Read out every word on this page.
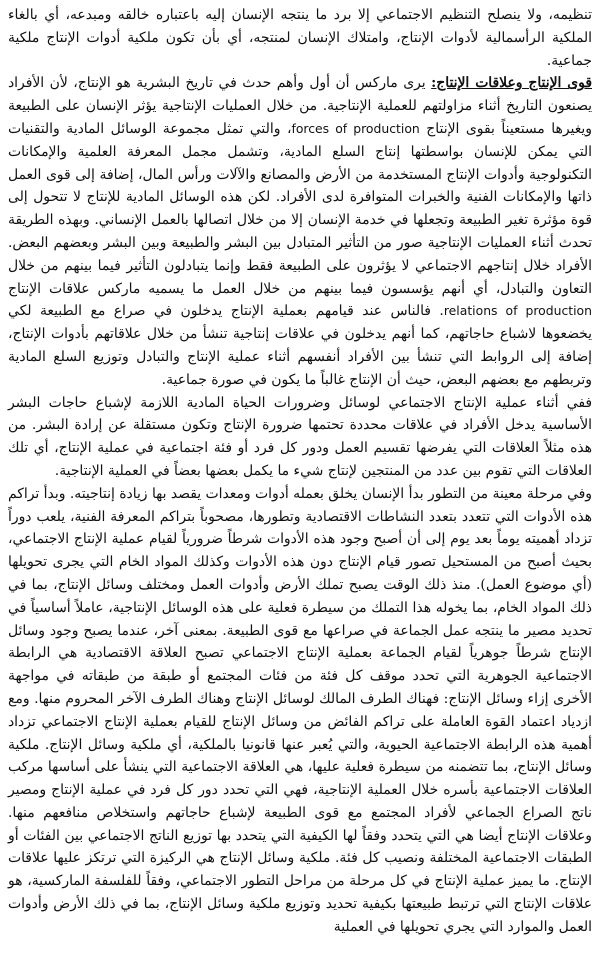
تنظيمه، ولا ينصلح التنظيم الاجتماعي إلا برد ما ينتجه الإنسان إليه باعتباره خالقه ومبدعه، أي بالغاء الملكية الرأسمالية لأدوات الإنتاج، وامتلاك الإنسان لمنتجه، أي بأن تكون ملكية أدوات الإنتاج ملكية جماعية.

قوى الإنتاج وعلاقات الإنتاج: يرى ماركس أن أول وأهم حدث في تاريخ البشرية هو الإنتاج، لأن الأفراد يصنعون التاريخ أثناء مزاولتهم للعملية الإنتاجية. من خلال العمليات الإنتاجية يؤثر الإنسان على الطبيعة ويغيرها مستعيناً بقوى الإنتاج forces of production، والتي تمثل مجموعة الوسائل المادية والتقنيات التي يمكن للإنسان بواسطتها إنتاج السلع المادية، وتشمل مجمل المعرفة العلمية والإمكانات التكنولوجية وأدوات الإنتاج المستخدمة من الأرض والمصانع والآلات ورأس المال، إضافة إلى قوى العمل ذاتها والإمكانات الفنية والخبرات المتوافرة لدى الأفراد. لكن هذه الوسائل المادية للإنتاج لا تتحول إلى قوة مؤثرة تغير الطبيعة وتجعلها في خدمة الإنسان إلا من خلال اتصالها بالعمل الإنساني. وبهذه الطريقة تحدث أثناء العمليات الإنتاجية صور من التأثير المتبادل بين البشر والطبيعة وبين البشر وبعضهم البعض. الأفراد خلال إنتاجهم الاجتماعي لا يؤثرون على الطبيعة فقط وإنما يتبادلون التأثير فيما بينهم من خلال التعاون والتبادل، أي أنهم يؤسسون فيما بينهم من خلال العمل ما يسميه ماركس علاقات الإنتاج relations of production. فالناس عند قيامهم بعملية الإنتاج يدخلون في صراع مع الطبيعة لكي يخضعوها لاشباع حاجاتهم، كما أنهم يدخلون في علاقات إنتاجية تنشأ من خلال علاقاتهم بأدوات الإنتاج، إضافة إلى الروابط التي تنشأ بين الأفراد أنفسهم أثناء عملية الإنتاج والتبادل وتوزيع السلع المادية وتربطهم مع بعضهم البعض، حيث أن الإنتاج غالباً ما يكون في صورة جماعية.

ففي أثناء عملية الإنتاج الاجتماعي لوسائل وضرورات الحياة المادية اللازمة لإشباع حاجات البشر الأساسية يدخل الأفراد في علاقات محددة تحتمها ضرورة الإنتاج وتكون مستقلة عن إرادة البشر. من هذه مثلاً العلاقات التي يفرضها تقسيم العمل ودور كل فرد أو فئة اجتماعية في عملية الإنتاج، أي تلك العلاقات التي تقوم بين عدد من المنتجين لإنتاج شيء ما يكمل بعضها بعضاً في العملية الإنتاجية.

وفي مرحلة معينة من التطور بدأ الإنسان يخلق بعمله أدوات ومعدات يقصد بها زيادة إنتاجيته. وبدأ تراكم هذه الأدوات التي تتعدد بتعدد النشاطات الاقتصادية وتطورها، مصحوباً بتراكم المعرفة الفنية، يلعب دوراً تزداد أهميته يوماً بعد يوم إلى أن أصبح وجود هذه الأدوات شرطاً ضرورياً لقيام عملية الإنتاج الاجتماعي، بحيث أصبح من المستحيل تصور قيام الإنتاج دون هذه الأدوات وكذلك المواد الخام التي يجرى تحويلها (أي موضوع العمل). منذ ذلك الوقت يصبح تملك الأرض وأدوات العمل ومختلف وسائل الإنتاج، بما في ذلك المواد الخام، بما يخوله هذا التملك من سيطرة فعلية على هذه الوسائل الإنتاجية، عاملاً أساسياً في تحديد مصير ما ينتجه عمل الجماعة في صراعها مع قوى الطبيعة. بمعنى آخر، عندما يصبح وجود وسائل الإنتاج شرطاً جوهرياً لقيام الجماعة بعملية الإنتاج الاجتماعي تصبح العلاقة الاقتصادية هي الرابطة الاجتماعية الجوهرية التي تحدد موقف كل فئة من فئات المجتمع أو طبقة من طبقاته في مواجهة الأخرى إزاء وسائل الإنتاج: فهناك الطرف المالك لوسائل الإنتاج وهناك الطرف الآخر المحروم منها. ومع ازدياد اعتماد القوة العاملة على تراكم الفائض من وسائل الإنتاج للقيام بعملية الإنتاج الاجتماعي تزداد أهمية هذه الرابطة الاجتماعية الحيوية، والتي يُعبر عنها قانونيا بالملكية، أي ملكية وسائل الإنتاج. ملكية وسائل الإنتاج، بما تتضمنه من سيطرة فعلية عليها، هي العلاقة الاجتماعية التي ينشأ على أساسها مركب العلاقات الاجتماعية بأسره خلال العملية الإنتاجية، فهي التي تحدد دور كل فرد في عملية الإنتاج ومصير ناتج الصراع الجماعي لأفراد المجتمع مع قوى الطبيعة لإشباع حاجاتهم واستخلاص منافعهم منها. وعلاقات الإنتاج أيضا هي التي يتحدد وفقاً لها الكيفية التي يتحدد بها توزيع الناتج الاجتماعي بين الفئات أو الطبقات الاجتماعية المختلفة ونصيب كل فئة. ملكية وسائل الإنتاج هي الركيزة التي ترتكز عليها علاقات الإنتاج. ما يميز عملية الإنتاج في كل مرحلة من مراحل التطور الاجتماعي، وفقاً للفلسفة الماركسية، هو علاقات الإنتاج التي ترتبط طبيعتها بكيفية تحديد وتوزيع ملكية وسائل الإنتاج، بما في ذلك الأرض وأدوات العمل والموارد التي يجري تحويلها في العملية
